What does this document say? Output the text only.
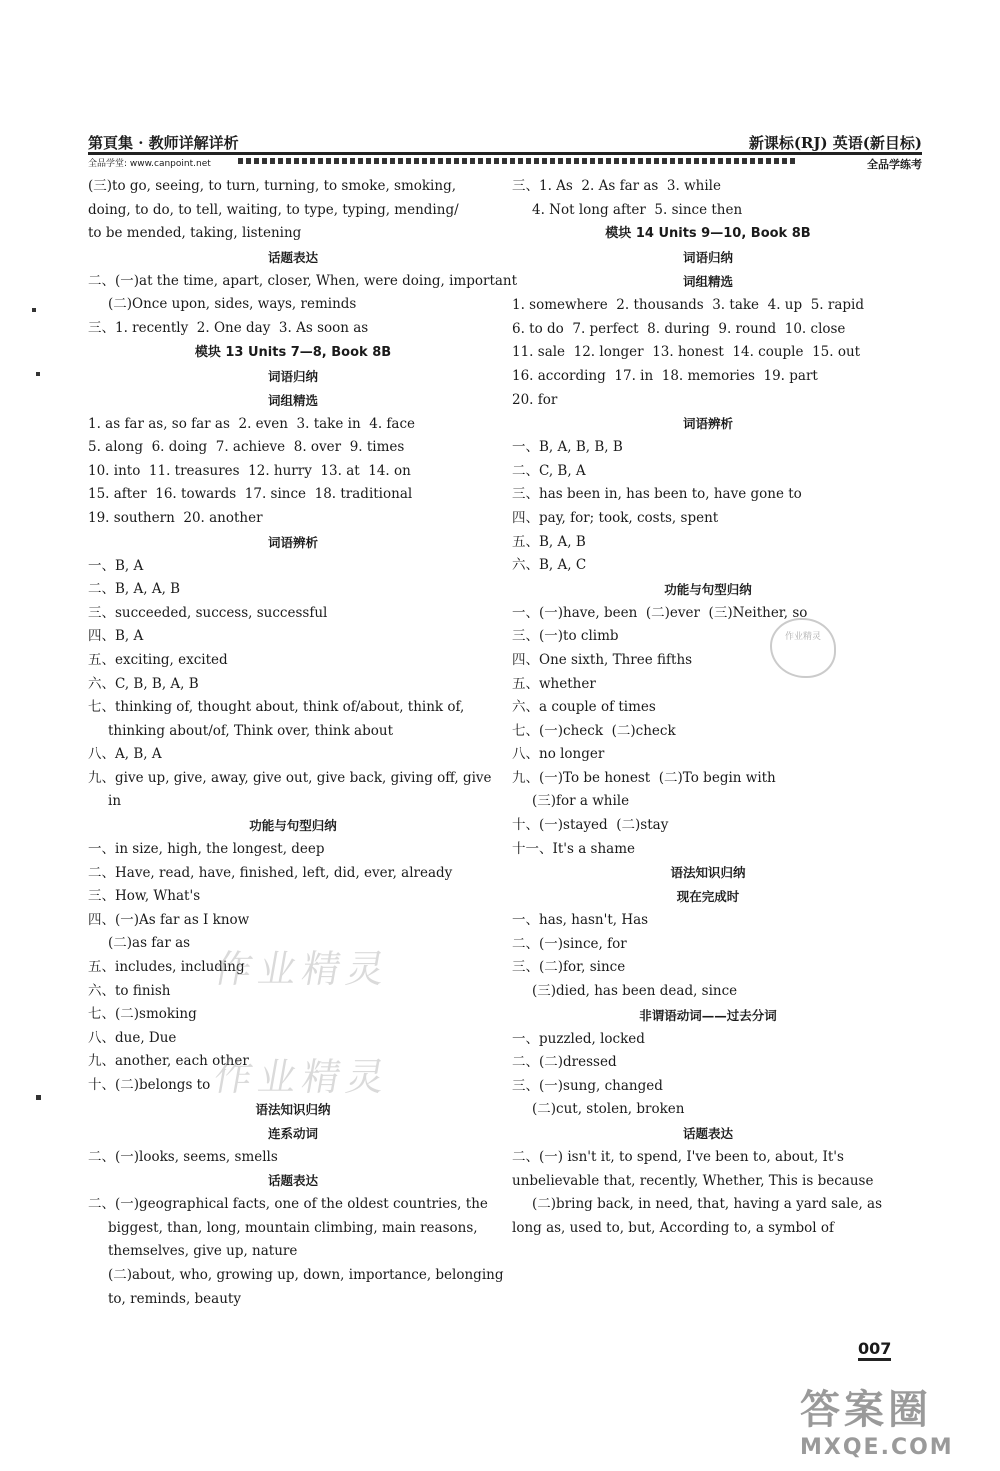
第頁集 · 教师详解详析	新课标(RJ) 英语(新目标)
全品学堂: www.canpoint.net	全品学练考
(三)to go, seeing, to turn, turning, to smoke, smoking,
doing, to do, to tell, waiting, to type, typing, mending/
to be mended, taking, listening
话题表达
二、(一)at the time, apart, closer, When, were doing, important
(二)Once upon, sides, ways, reminds
三、1. recently  2. One day  3. As soon as
模块 13 Units 7—8, Book 8B
词语归纳
词组精选
1. as far as, so far as  2. even  3. take in  4. face
5. along  6. doing  7. achieve  8. over  9. times
10. into  11. treasures  12. hurry  13. at  14. on
15. after  16. towards  17. since  18. traditional
19. southern  20. another
词语辨析
一、B, A
二、B, A, A, B
三、succeeded, success, successful
四、B, A
五、exciting, excited
六、C, B, B, A, B
七、thinking of, thought about, think of/about, think of,
thinking about/of, Think over, think about
八、A, B, A
九、give up, give, away, give out, give back, giving off, give
in
功能与句型归纳
一、in size, high, the longest, deep
二、Have, read, have, finished, left, did, ever, already
三、How, What's
四、(一)As far as I know
(二)as far as
五、includes, including
六、to finish
七、(二)smoking
八、due, Due
九、another, each other
十、(二)belongs to
语法知识归纳
连系动词
二、(一)looks, seems, smells
话题表达
二、(一)geographical facts, one of the oldest countries, the
biggest, than, long, mountain climbing, main reasons,
themselves, give up, nature
(二)about, who, growing up, down, importance, belonging
to, reminds, beauty
三、1. As  2. As far as  3. while
4. Not long after  5. since then
模块 14 Units 9—10, Book 8B
词语归纳
词组精选
1. somewhere  2. thousands  3. take  4. up  5. rapid
6. to do  7. perfect  8. during  9. round  10. close
11. sale  12. longer  13. honest  14. couple  15. out
16. according  17. in  18. memories  19. part
20. for
词语辨析
一、B, A, B, B, B
二、C, B, A
三、has been in, has been to, have gone to
四、pay, for; took, costs, spent
五、B, A, B
六、B, A, C
功能与句型归纳
一、(一)have, been  (二)ever  (三)Neither, so
三、(一)to climb
四、One sixth, Three fifths
五、whether
六、a couple of times
七、(一)check  (二)check
八、no longer
九、(一)To be honest  (二)To begin with
(三)for a while
十、(一)stayed  (二)stay
十一、It's a shame
语法知识归纳
现在完成时
一、has, hasn't, Has
二、(一)since, for
三、(二)for, since
(三)died, has been dead, since
非谓语动词——过去分词
一、puzzled, locked
二、(二)dressed
三、(一)sung, changed
(二)cut, stolen, broken
话题表达
二、(一) isn't it, to spend, I've been to, about, It's
unbelievable that, recently, Whether, This is because
(二)bring back, in need, that, having a yard sale, as
long as, used to, but, According to, a symbol of
作业精灵
作业精灵
作业精灵
007
答案圈
MXQE.COM
